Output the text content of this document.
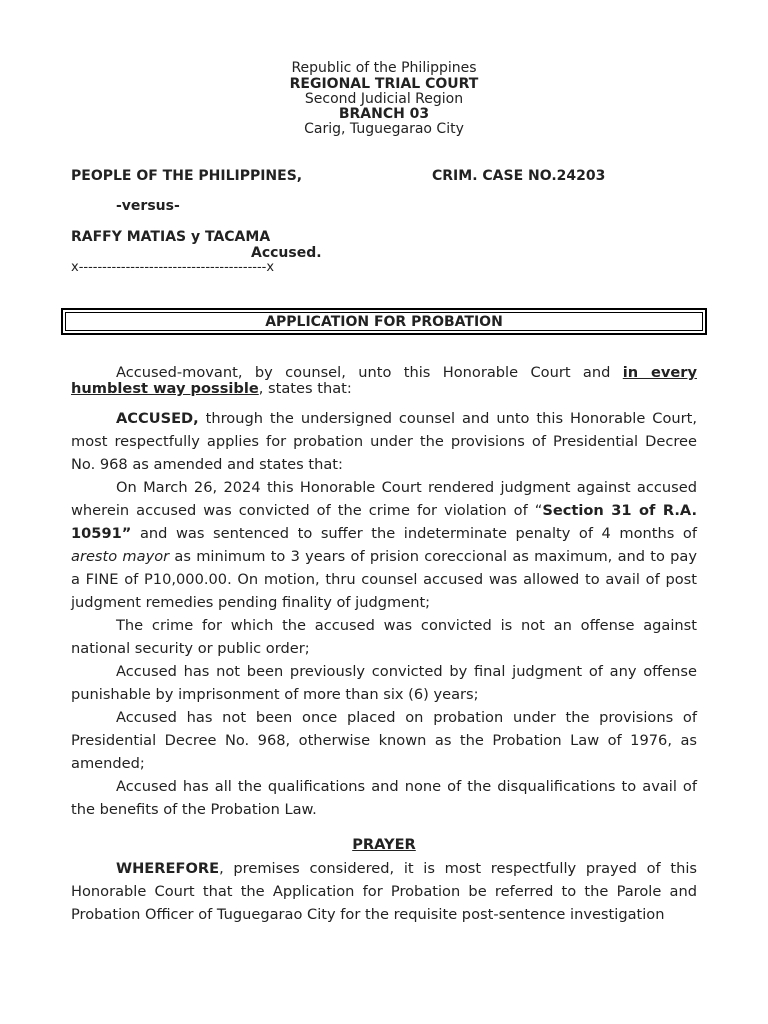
Republic of the Philippines
REGIONAL TRIAL COURT
Second Judicial Region
BRANCH 03
Carig, Tuguegarao City
PEOPLE OF THE PHILIPPINES,	CRIM. CASE NO.24203
-versus-
RAFFY MATIAS y TACAMA
Accused.
x----------------------------------------x
APPLICATION FOR PROBATION

Accused-movant, by counsel, unto this Honorable Court and in every humblest way possible, states that:

ACCUSED, through the undersigned counsel and unto this Honorable Court, most respectfully applies for probation under the provisions of Presidential Decree No. 968 as amended and states that:

On March 26, 2024 this Honorable Court rendered judgment against accused wherein accused was convicted of the crime for violation of “Section 31 of R.A. 10591” and was sentenced to suffer the indeterminate penalty of 4 months of aresto mayor as minimum to 3 years of prision coreccional as maximum, and to pay a FINE of P10,000.00. On motion, thru counsel accused was allowed to avail of post judgment remedies pending finality of judgment;

The crime for which the accused was convicted is not an offense against national security or public order;

Accused has not been previously convicted by final judgment of any offense punishable by imprisonment of more than six (6) years;

Accused has not been once placed on probation under the provisions of Presidential Decree No. 968, otherwise known as the Probation Law of 1976, as amended;

Accused has all the qualifications and none of the disqualifications to avail of the benefits of the Probation Law.

PRAYER

WHEREFORE, premises considered, it is most respectfully prayed of this Honorable Court that the Application for Probation be referred to the Parole and Probation Officer of Tuguegarao City for the requisite post-sentence investigation
